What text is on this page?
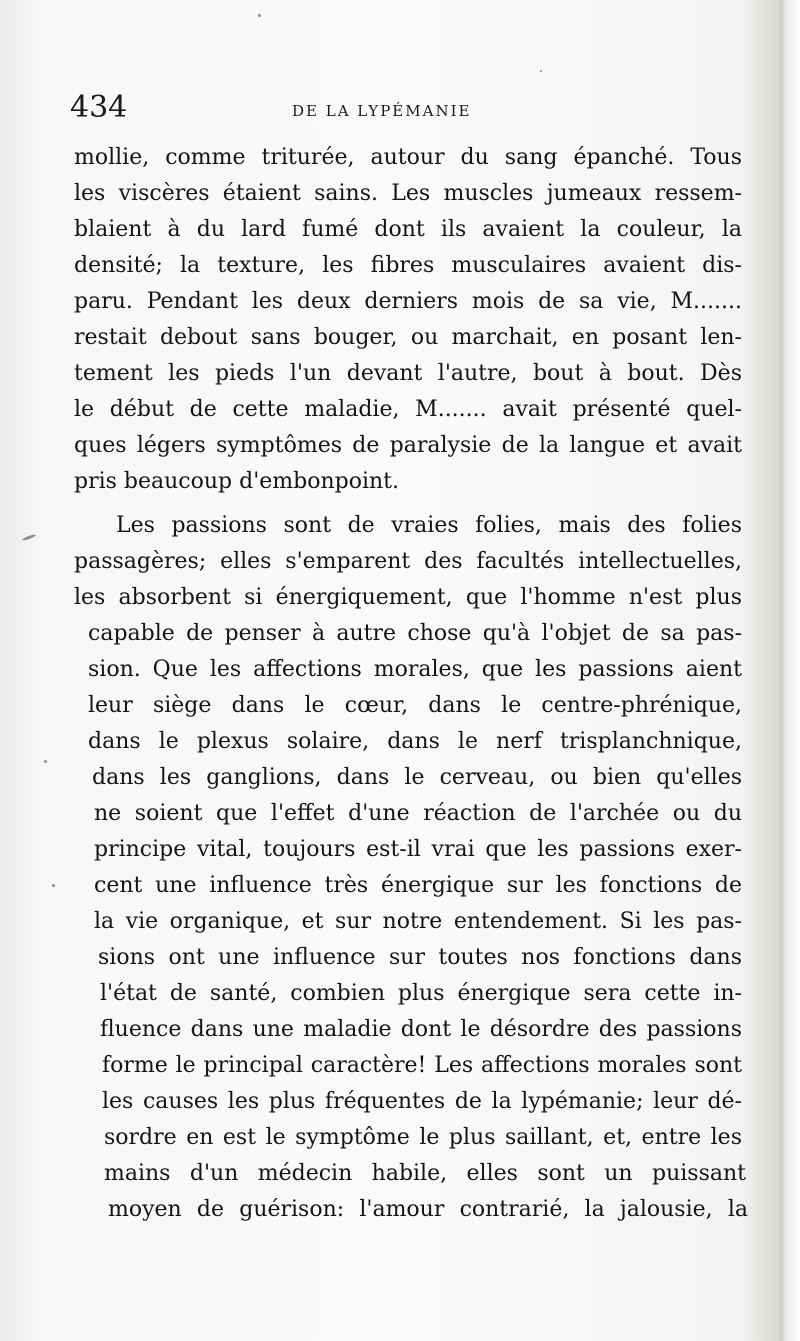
434	DE LA LYPÉMANIE
mollie, comme triturée, autour du sang épanché. Tous
les viscères étaient sains. Les muscles jumeaux ressem-
blaient à du lard fumé dont ils avaient la couleur, la
densité; la texture, les fibres musculaires avaient dis-
paru. Pendant les deux derniers mois de sa vie, M.......
restait debout sans bouger, ou marchait, en posant len-
tement les pieds l'un devant l'autre, bout à bout. Dès
le début de cette maladie, M....... avait présenté quel-
ques légers symptômes de paralysie de la langue et avait
pris beaucoup d'embonpoint.
Les passions sont de vraies folies, mais des folies
passagères; elles s'emparent des facultés intellectuelles,
les absorbent si énergiquement, que l'homme n'est plus
capable de penser à autre chose qu'à l'objet de sa pas-
sion. Que les affections morales, que les passions aient
leur siège dans le cœur, dans le centre-phrénique,
dans le plexus solaire, dans le nerf trisplanchnique,
dans les ganglions, dans le cerveau, ou bien qu'elles
ne soient que l'effet d'une réaction de l'archée ou du
principe vital, toujours est-il vrai que les passions exer-
cent une influence très énergique sur les fonctions de
la vie organique, et sur notre entendement. Si les pas-
sions ont une influence sur toutes nos fonctions dans
l'état de santé, combien plus énergique sera cette in-
fluence dans une maladie dont le désordre des passions
forme le principal caractère! Les affections morales sont
les causes les plus fréquentes de la lypémanie; leur dé-
sordre en est le symptôme le plus saillant, et, entre les
mains d'un médecin habile, elles sont un puissant
moyen de guérison: l'amour contrarié, la jalousie, la
